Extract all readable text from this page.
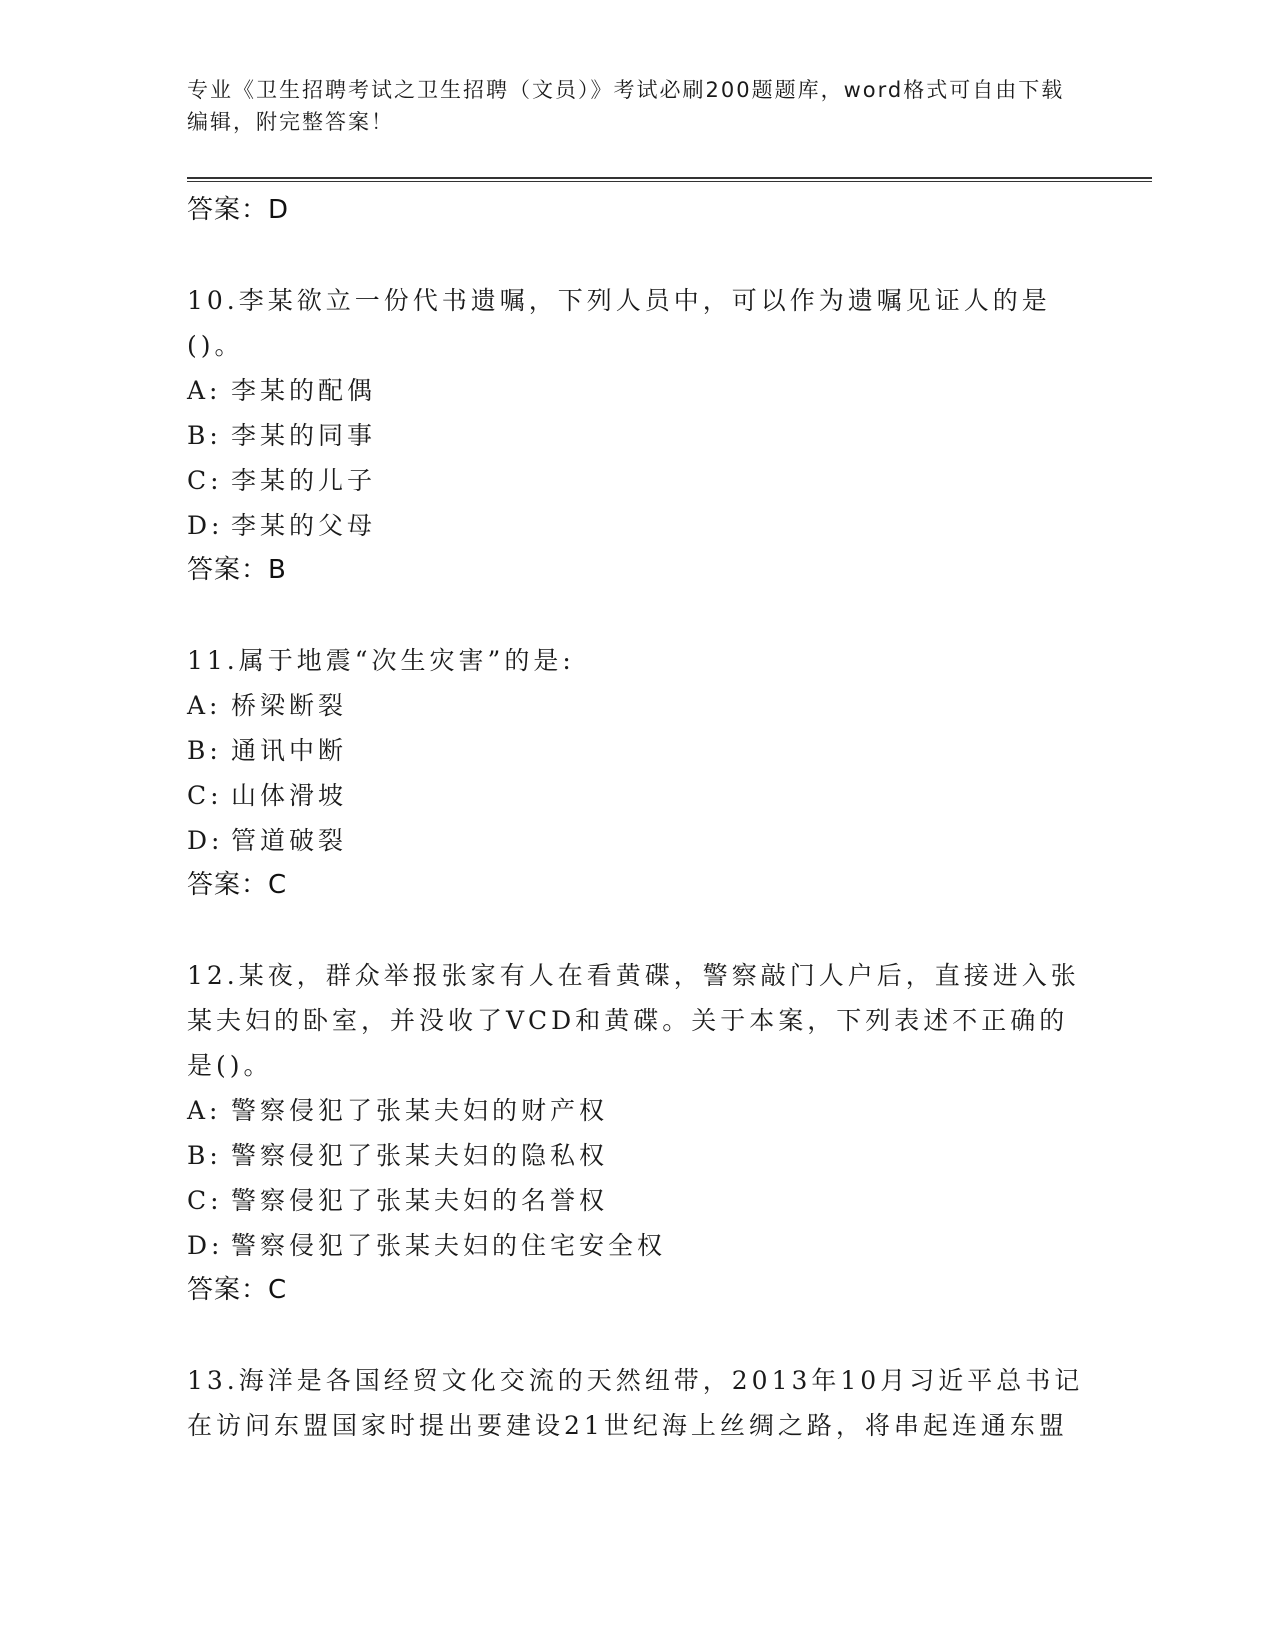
专业《卫生招聘考试之卫生招聘（文员）》考试必刷200题题库，word格式可自由下载编辑，附完整答案！
答案：D

10.李某欲立一份代书遗嘱，下列人员中，可以作为遗嘱见证人的是()。

A: 李某的配偶
B: 李某的同事
C: 李某的儿子
D: 李某的父母
答案：B

11.属于地震“次生灾害”的是:

A: 桥梁断裂
B: 通讯中断
C: 山体滑坡
D: 管道破裂
答案：C

12.某夜，群众举报张家有人在看黄碟，警察敲门人户后，直接进入张某夫妇的卧室，并没收了VCD和黄碟。关于本案，下列表述不正确的是()。

A: 警察侵犯了张某夫妇的财产权
B: 警察侵犯了张某夫妇的隐私权
C: 警察侵犯了张某夫妇的名誉权
D: 警察侵犯了张某夫妇的住宅安全权
答案：C

13.海洋是各国经贸文化交流的天然纽带，2013年10月习近平总书记在访问东盟国家时提出要建设21世纪海上丝绸之路，将串起连通东盟
